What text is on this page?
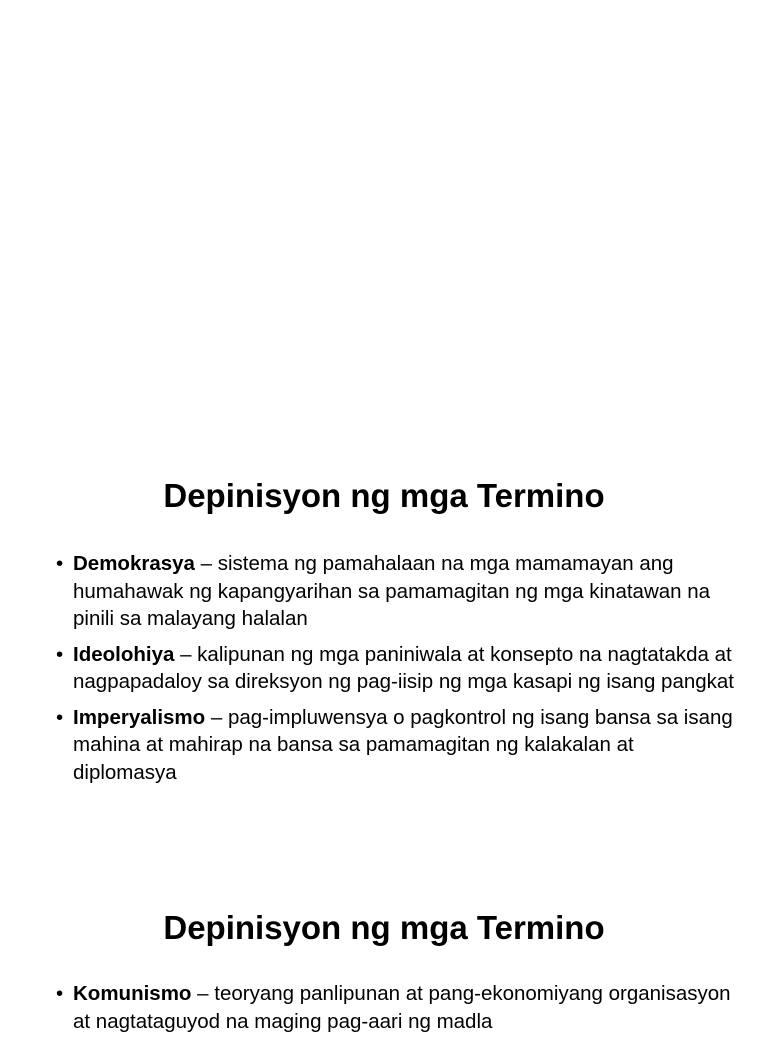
Depinisyon ng mga Termino
• Demokrasya – sistema ng pamahalaan na mga mamamayan ang humahawak ng kapangyarihan sa pamamagitan ng mga kinatawan na pinili sa malayang halalan
• Ideolohiya – kalipunan ng mga paniniwala at konsepto na nagtatakda at nagpapadaloy sa direksyon ng pag-iisip ng mga kasapi ng isang pangkat
• Imperyalismo – pag-impluwensya o pagkontrol ng isang bansa sa isang mahina at mahirap na bansa sa pamamagitan ng kalakalan at diplomasya
Depinisyon ng mga Termino
• Komunismo – teoryang panlipunan at pang-ekonomiyang organisasyon at nagtataguyod na maging pag-aari ng madla
